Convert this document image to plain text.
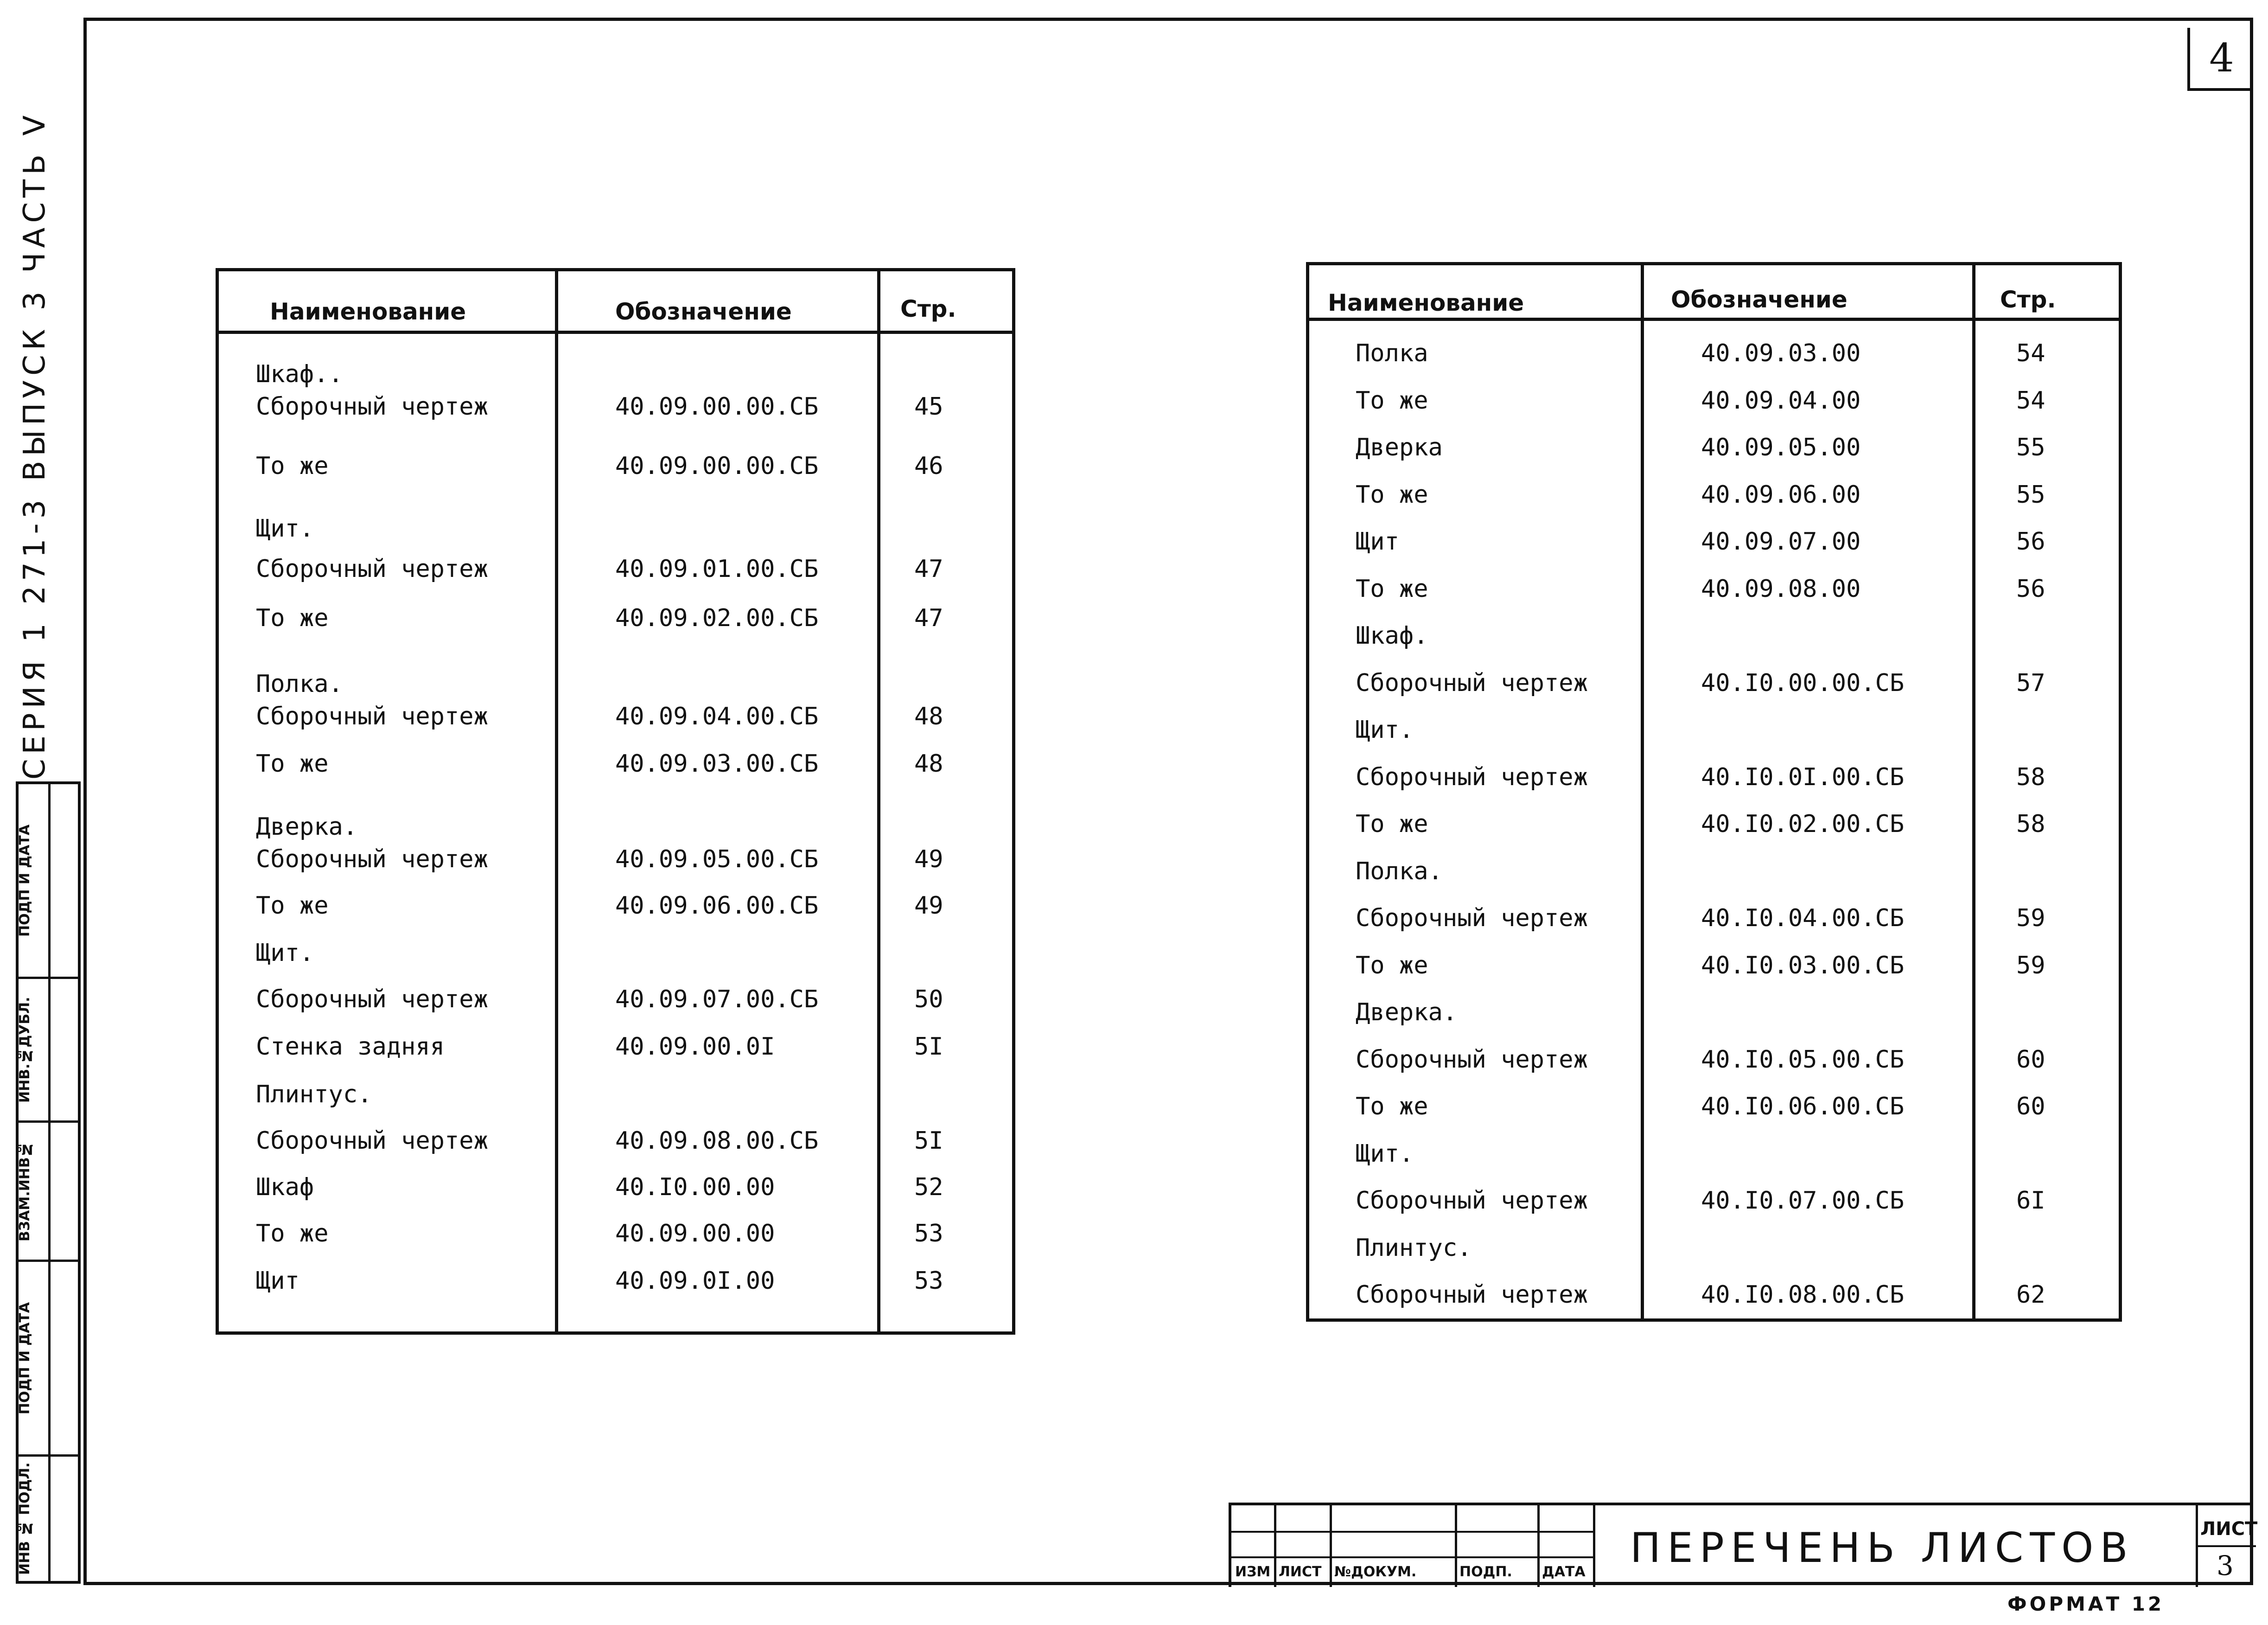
4
СЕРИЯ 1 271-3 ВЫПУСК 3 ЧАСТЬ V
ПОДП И ДАТА
ИНВ.№ДУБЛ.
ВЗАМ.ИНВ№
ПОДП И ДАТА
ИНВ № ПОДЛ.
Наименование	Обозначение	Стр.
Шкаф..
Сборочный чертеж	40.09.00.00.СБ	45
То же	40.09.00.00.СБ	46
Щит.
Сборочный чертеж	40.09.01.00.СБ	47
То же	40.09.02.00.СБ	47
Полка.
Сборочный чертеж	40.09.04.00.СБ	48
То же	40.09.03.00.СБ	48
Дверка.
Сборочный чертеж	40.09.05.00.СБ	49
То же	40.09.06.00.СБ	49
Щит.
Сборочный чертеж	40.09.07.00.СБ	50
Стенка задняя	40.09.00.0I	5I
Плинтус.
Сборочный чертеж	40.09.08.00.СБ	5I
Шкаф	40.I0.00.00	52
То же	40.09.00.00	53
Щит	40.09.0I.00	53
Наименование	Обозначение	Стр.
Полка	40.09.03.00	54
То же	40.09.04.00	54
Дверка	40.09.05.00	55
То же	40.09.06.00	55
Щит	40.09.07.00	56
То же	40.09.08.00	56
Шкаф.
Сборочный чертеж	40.I0.00.00.СБ	57
Щит.
Сборочный чертеж	40.I0.0I.00.СБ	58
То же	40.I0.02.00.СБ	58
Полка.
Сборочный чертеж	40.I0.04.00.СБ	59
То же	40.I0.03.00.СБ	59
Дверка.
Сборочный чертеж	40.I0.05.00.СБ	60
То же	40.I0.06.00.СБ	60
Щит.
Сборочный чертеж	40.I0.07.00.СБ	6I
Плинтус.
Сборочный чертеж	40.I0.08.00.СБ	62
ИЗМ ЛИСТ №ДОКУМ.	ПОДП. ДАТА
ПЕРЕЧЕНЬ ЛИСТОВ	ЛИСТ
3
ФОРМАТ 12
